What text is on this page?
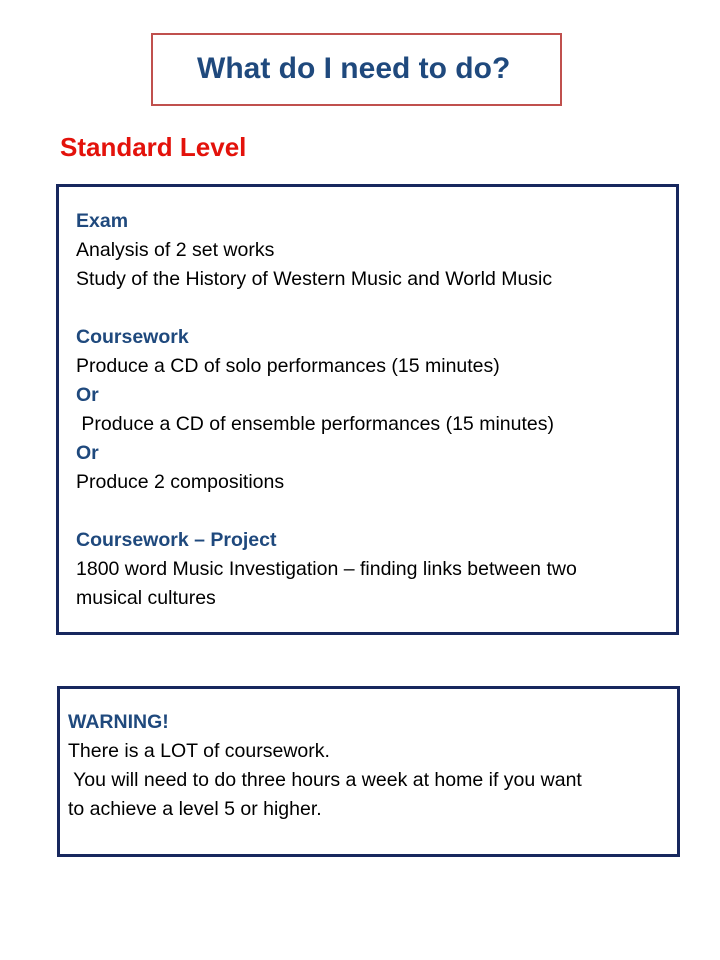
What do I need to do?
Standard Level
Exam
Analysis of 2 set works
Study of the History of Western Music and World Music
Coursework
Produce a CD of solo performances (15 minutes)
Or
Produce a CD of ensemble performances (15 minutes)
Or
Produce 2 compositions
Coursework – Project
1800 word Music Investigation – finding links between two
musical cultures
WARNING!
There is a LOT of coursework.
You will need to do three hours a week at home if you want
to achieve a level 5 or higher.
